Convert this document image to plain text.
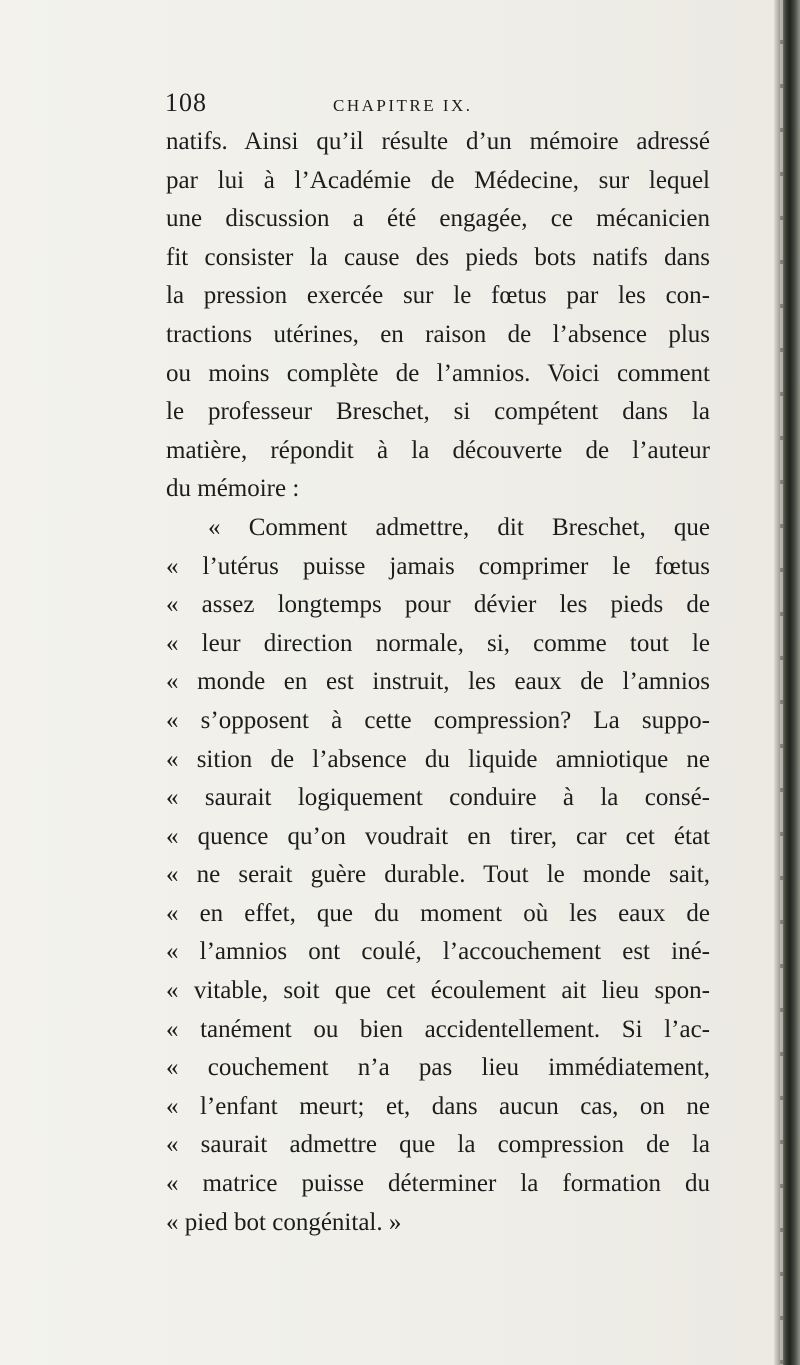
108	CHAPITRE IX.
natifs. Ainsi qu’il résulte d’un mémoire adressé
par lui à l’Académie de Médecine, sur lequel
une discussion a été engagée, ce mécanicien
fit consister la cause des pieds bots natifs dans
la pression exercée sur le fœtus par les con-
tractions utérines, en raison de l’absence plus
ou moins complète de l’amnios. Voici comment
le professeur Breschet, si compétent dans la
matière, répondit à la découverte de l’auteur
du mémoire :
« Comment admettre, dit Breschet, que
« l’utérus puisse jamais comprimer le fœtus
« assez longtemps pour dévier les pieds de
« leur direction normale, si, comme tout le
« monde en est instruit, les eaux de l’amnios
« s’opposent à cette compression? La suppo-
« sition de l’absence du liquide amniotique ne
« saurait logiquement conduire à la consé-
« quence qu’on voudrait en tirer, car cet état
« ne serait guère durable. Tout le monde sait,
« en effet, que du moment où les eaux de
« l’amnios ont coulé, l’accouchement est iné-
« vitable, soit que cet écoulement ait lieu spon-
« tanément ou bien accidentellement. Si l’ac-
« couchement n’a pas lieu immédiatement,
« l’enfant meurt; et, dans aucun cas, on ne
« saurait admettre que la compression de la
« matrice puisse déterminer la formation du
« pied bot congénital. »
